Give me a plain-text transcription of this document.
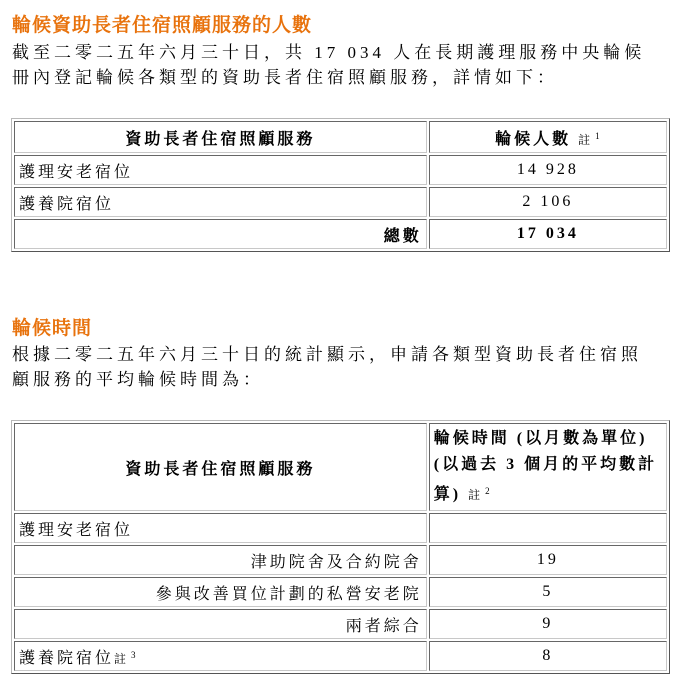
輪候資助長者住宿照顧服務的人數

截至二零二五年六月三十日，共 17 034 人在長期護理服務中央輪候冊內登記輪候各類型的資助長者住宿照顧服務，詳情如下：

資助長者住宿照顧服務	輪候人數 註 $^1$
護理安老宿位	14 928
護養院宿位	2 106
總數	17 034
輪候時間

根據二零二五年六月三十日的統計顯示，申請各類型資助長者住宿照顧服務的平均輪候時間為：

資助長者住宿照顧服務	輪候時間 (以月數為單位)(以過去 3 個月的平均數計算) 註 $^2$
護理安老宿位	
津助院舍及合約院舍	19
參與改善買位計劃的私營安老院	5
兩者綜合	9
護養院宿位註 $^3$	8
